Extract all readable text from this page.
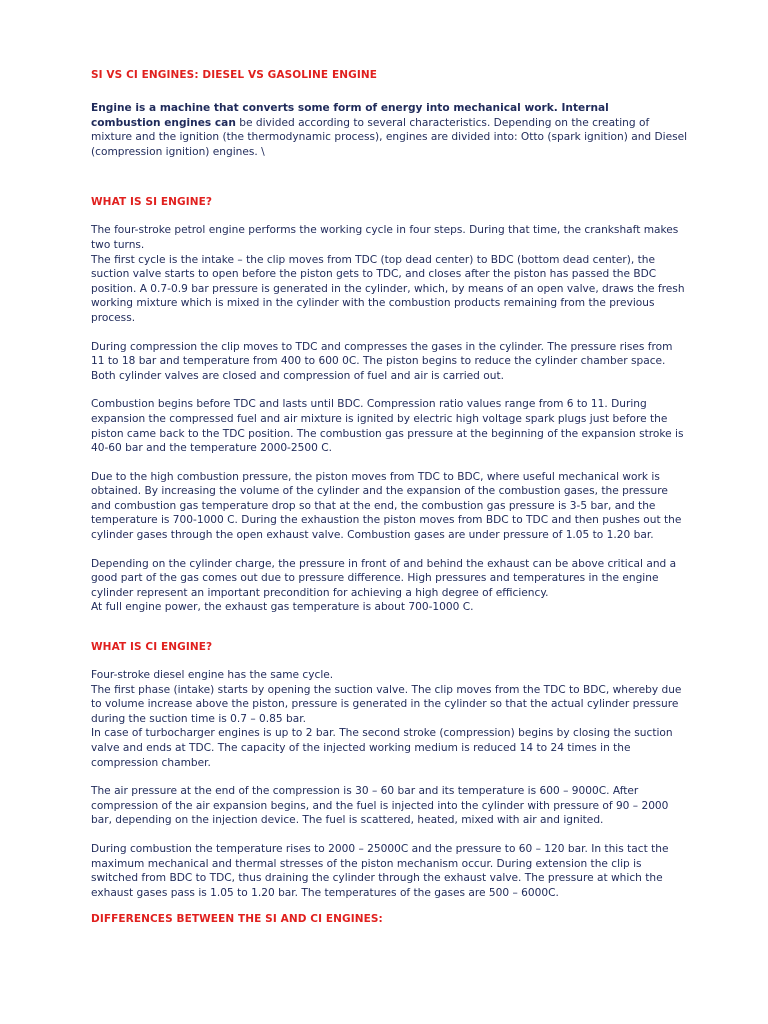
SI VS CI ENGINES: DIESEL VS GASOLINE ENGINE

Engine is a machine that converts some form of energy into mechanical work. Internal
combustion engines can be divided according to several characteristics. Depending on the creating of mixture and the ignition (the thermodynamic process), engines are divided into: Otto (spark ignition) and Diesel (compression ignition) engines. \

WHAT IS SI ENGINE?

The four-stroke petrol engine performs the working cycle in four steps. During that time, the crankshaft makes two turns.

The first cycle is the intake – the clip moves from TDC (top dead center) to BDC (bottom dead center), the suction valve starts to open before the piston gets to TDC, and closes after the piston has passed the BDC position. A 0.7-0.9 bar pressure is generated in the cylinder, which, by means of an open valve, draws the fresh working mixture which is mixed in the cylinder with the combustion products remaining from the previous process.

During compression the clip moves to TDC and compresses the gases in the cylinder. The pressure rises from 11 to 18 bar and temperature from 400 to 600 0C. The piston begins to reduce the cylinder chamber space. Both cylinder valves are closed and compression of fuel and air is carried out.

Combustion begins before TDC and lasts until BDC. Compression ratio values range from 6 to 11. During expansion the compressed fuel and air mixture is ignited by electric high voltage spark plugs just before the piston came back to the TDC position. The combustion gas pressure at the beginning of the expansion stroke is 40-60 bar and the temperature 2000-2500 C.

Due to the high combustion pressure, the piston moves from TDC to BDC, where useful mechanical work is obtained. By increasing the volume of the cylinder and the expansion of the combustion gases, the pressure and combustion gas temperature drop so that at the end, the combustion gas pressure is 3-5 bar, and the temperature is 700-1000 C. During the exhaustion the piston moves from BDC to TDC and then pushes out the cylinder gases through the open exhaust valve. Combustion gases are under pressure of 1.05 to 1.20 bar.

Depending on the cylinder charge, the pressure in front of and behind the exhaust can be above critical and a good part of the gas comes out due to pressure difference. High pressures and temperatures in the engine cylinder represent an important precondition for achieving a high degree of efficiency.

At full engine power, the exhaust gas temperature is about 700-1000 C.

WHAT IS CI ENGINE?

Four-stroke diesel engine has the same cycle.

The first phase (intake) starts by opening the suction valve. The clip moves from the TDC to BDC, whereby due to volume increase above the piston, pressure is generated in the cylinder so that the actual cylinder pressure during the suction time is 0.7 – 0.85 bar.

In case of turbocharger engines is up to 2 bar. The second stroke (compression) begins by closing the suction valve and ends at TDC. The capacity of the injected working medium is reduced 14 to 24 times in the compression chamber.

The air pressure at the end of the compression is 30 – 60 bar and its temperature is 600 – 9000C. After compression of the air expansion begins, and the fuel is injected into the cylinder with pressure of 90 – 2000 bar, depending on the injection device. The fuel is scattered, heated, mixed with air and ignited.

During combustion the temperature rises to 2000 – 25000C and the pressure to 60 – 120 bar. In this tact the maximum mechanical and thermal stresses of the piston mechanism occur. During extension the clip is switched from BDC to TDC, thus draining the cylinder through the exhaust valve. The pressure at which the exhaust gases pass is 1.05 to 1.20 bar. The temperatures of the gases are 500 – 6000C.

DIFFERENCES BETWEEN THE SI AND CI ENGINES:
